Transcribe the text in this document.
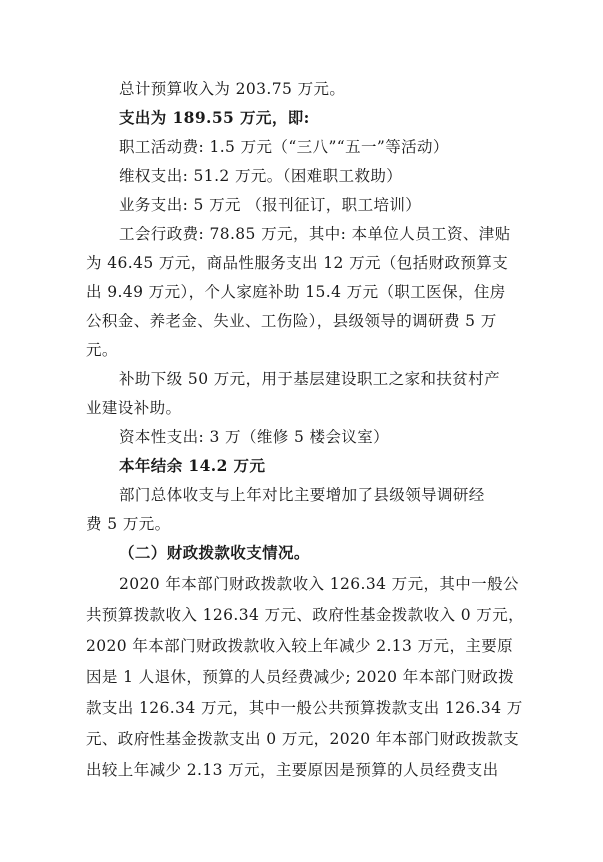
总计预算收入为 203.75 万元。
支出为 189.55 万元，即:
职工活动费: 1.5 万元（“三八”“五一”等活动）
维权支出: 51.2 万元。（困难职工救助）
业务支出: 5 万元 （报刊征订，职工培训）
工会行政费: 78.85 万元，其中: 本单位人员工资、津贴
为 46.45 万元，商品性服务支出 12 万元（包括财政预算支
出 9.49 万元），个人家庭补助 15.4 万元（职工医保，住房
公积金、养老金、失业、工伤险），县级领导的调研费 5 万
元。
补助下级 50 万元，用于基层建设职工之家和扶贫村产
业建设补助。
资本性支出: 3 万（维修 5 楼会议室）
本年结余 14.2 万元
部门总体收支与上年对比主要增加了县级领导调研经
费 5 万元。
（二）财政拨款收支情况。
2020 年本部门财政拨款收入 126.34 万元，其中一般公
共预算拨款收入 126.34 万元、政府性基金拨款收入 0 万元，
2020 年本部门财政拨款收入较上年减少 2.13 万元，主要原
因是 1 人退休，预算的人员经费减少; 2020 年本部门财政拨
款支出 126.34 万元，其中一般公共预算拨款支出 126.34 万
元、政府性基金拨款支出 0 万元，2020 年本部门财政拨款支
出较上年减少 2.13 万元，主要原因是预算的人员经费支出
